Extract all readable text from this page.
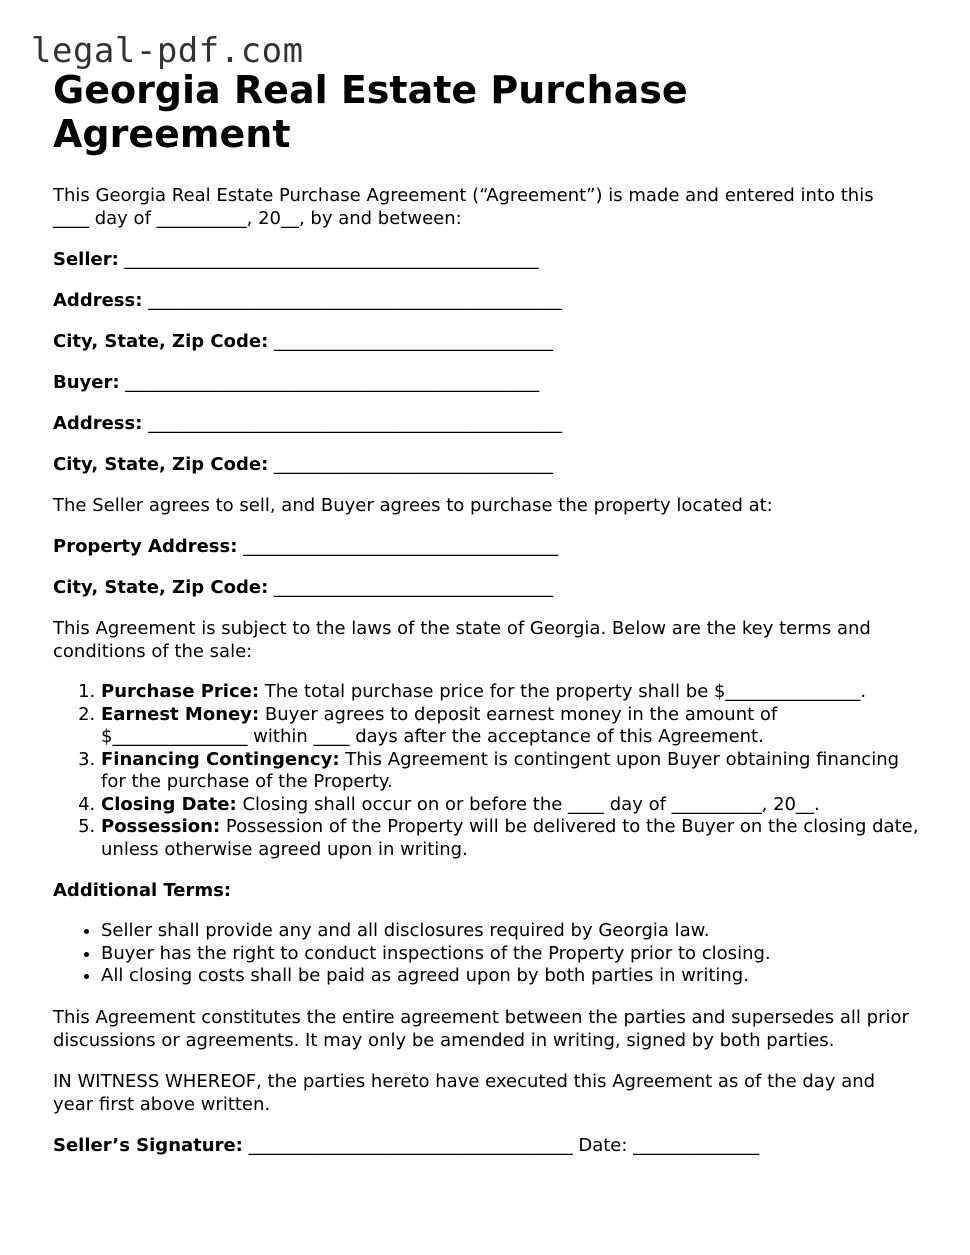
legal-pdf.com
Georgia Real Estate Purchase Agreement

This Georgia Real Estate Purchase Agreement (“Agreement”) is made and entered into this ____ day of __________, 20__, by and between:

Seller: ______________________________________________

Address: ______________________________________________

City, State, Zip Code: _______________________________

Buyer: ______________________________________________

Address: ______________________________________________

City, State, Zip Code: _______________________________

The Seller agrees to sell, and Buyer agrees to purchase the property located at:

Property Address: ___________________________________

City, State, Zip Code: _______________________________

This Agreement is subject to the laws of the state of Georgia. Below are the key terms and conditions of the sale:

1. Purchase Price: The total purchase price for the property shall be $_______________.
2. Earnest Money: Buyer agrees to deposit earnest money in the amount of $_______________ within ____ days after the acceptance of this Agreement.
3. Financing Contingency: This Agreement is contingent upon Buyer obtaining financing for the purchase of the Property.
4. Closing Date: Closing shall occur on or before the ____ day of __________, 20__.
5. Possession: Possession of the Property will be delivered to the Buyer on the closing date, unless otherwise agreed upon in writing.

Additional Terms:

• Seller shall provide any and all disclosures required by Georgia law.
• Buyer has the right to conduct inspections of the Property prior to closing.
• All closing costs shall be paid as agreed upon by both parties in writing.

This Agreement constitutes the entire agreement between the parties and supersedes all prior discussions or agreements. It may only be amended in writing, signed by both parties.

IN WITNESS WHEREOF, the parties hereto have executed this Agreement as of the day and year first above written.

Seller’s Signature: ____________________________________ Date: ______________
